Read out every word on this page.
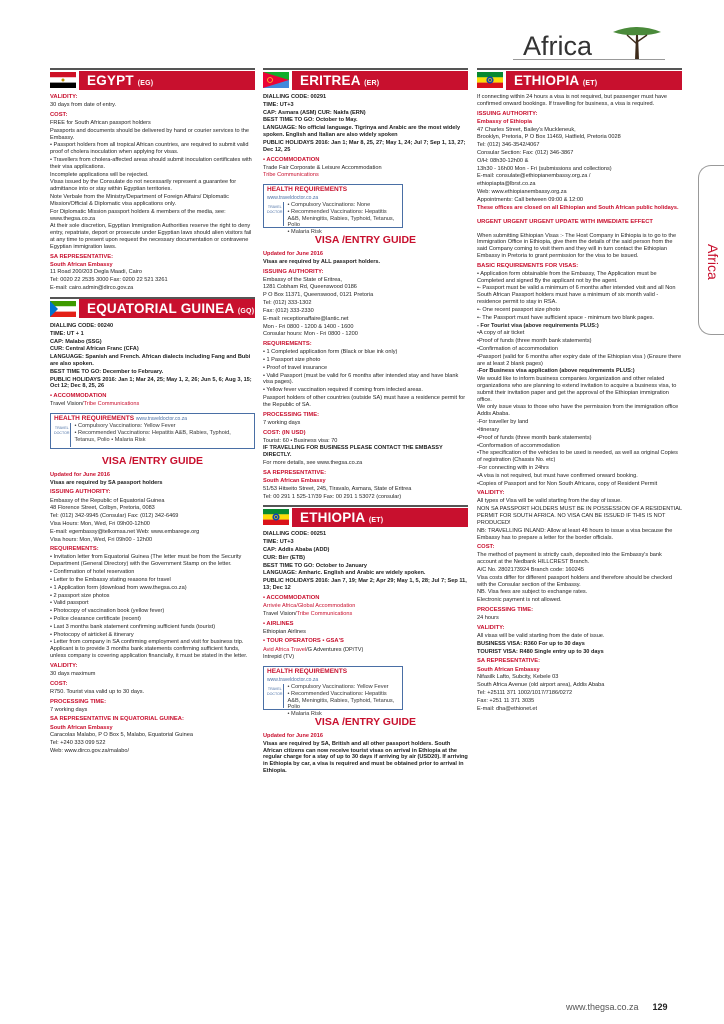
Africa
Africa
EGYPT (EG)
VALIDITY:
30 days from date of entry.
COST:
FREE for South African passport holders
Passports and documents should be delivered by hand or courier services to the Embassy.
• Passport holders from all tropical African countries, are required to submit valid proof of cholera inoculation when applying for visas.
• Travellers from cholera-affected areas should submit inoculation certificates with their visa applications.
Incomplete applications will be rejected.
Visas issued by the Consulate do not necessarily represent a guarantee for admittance into or stay within Egyptian territories.
Note Verbale from the Ministry/Department of Foreign Affairs/ Diplomatic Mission/Official & Diplomatic visa applications only.
For Diplomatic Mission passport holders & members of the media, see: www.thegsa.co.za
At their sole discretion, Egyptian Immigration Authorities reserve the right to deny entry, repatriate, deport or prosecute under Egyptian laws should alien visitors fail at any time to present upon request the necessary documentation or contravene Egyptian immigration laws.
SA REPRESENTATIVE:
South African Embassy
11 Road 200/203 Degla Maadi, Cairo
Tel: 0020 22 2535 3000 Fax: 0200 22 521 3261
E-mail: cairo.admin@dirco.gov.za
EQUATORIAL GUINEA (GQ)
DIALLING CODE: 00240
TIME: UT + 1
CAP: Malabo (SSG)
CUR: Central African Franc (CFA)
LANGUAGE: Spanish and French. African dialects including Fang and Bubi are also spoken.
BEST TIME TO GO: December to February.
PUBLIC HOLIDAYS 2016: Jan 1; Mar 24, 25; May 1, 2, 26; Jun 5, 6; Aug 3, 15; Oct 12; Dec 8, 25, 26
• ACCOMMODATION
Travel Vision/Tribe Communications
HEALTH REQUIREMENTS www.traveldoctor.co.za
TRAVEL DOCTOR
• Compulsory Vaccinations: Yellow Fever
• Recommended Vaccinations: Hepatitis A&B, Rabies, Typhoid, Tetanus, Polio • Malaria Risk
VISA /ENTRY GUIDE
Updated for June 2016
Visas are required by SA passport holders
ISSUING AUTHORITY:
Embassy of the Republic of Equatorial Guinea
48 Florence Street, Colbyn, Pretoria, 0083
Tel: (012) 342-9945 (Consular) Fax: (012) 342-6469
Visa Hours: Mon, Wed, Fri 09h00-12h00
E-mail: egembassy@telkomsa.net Web: www.embarege.org
Visa hours: Mon, Wed, Fri 09h00 - 12h00
REQUIREMENTS:
• Invitation letter from Equatorial Guinea (The letter must be from the Security Department (General Directory) with the Government Stamp on the letter.
• Confirmation of hotel reservation
• Letter to the Embassy stating reasons for travel
• 1 Application form (download from www.thegsa.co.za)
• 2 passport size photos
• Valid passport
• Photocopy of vaccination book (yellow fever)
• Police clearance certificate (recent)
• Last 3 months bank statement confirming sufficient funds (tourist)
• Photocopy of airticket & itinerary
• Letter from company in SA confirming employment and visit for business trip. Applicant is to provide 3 months bank statements confirming sufficient funds, unless company is covering application financially, it must be stated in the letter.
VALIDITY:
30 days maximum
COST:
R750. Tourist visa valid up to 30 days.
PROCESSING TIME:
7 working days
SA REPRESENTATIVE IN EQUATORIAL GUINEA:
South African Embassy
Caracolas Malabo, P O Box 5, Malabo, Equatorial Guinea
Tel: +240 333 099 522
Web: www.dirco.gov.za/malabo/
ERITREA (ER)
DIALLING CODE: 00291
TIME: UT+3
CAP: Asmara (ASM) CUR: Nakfa (ERN)
BEST TIME TO GO: October to May.
LANGUAGE: No official language. Tigrinya and Arabic are the most widely spoken. English and Italian are also widely spoken
PUBLIC HOLIDAYS 2016: Jan 1; Mar 8, 25, 27; May 1, 24; Jul 7; Sep 1, 13, 27; Dec 12, 25
• ACCOMMODATION
Trade Fair Corporate & Leisure Accommodation
Tribe Communications
HEALTH REQUIREMENTS www.traveldoctor.co.za
TRAVEL DOCTOR
• Compulsory Vaccinations: None
• Recommended Vaccinations: Hepatitis A&B, Meningitis, Rabies, Typhoid, Tetanus, Polio
• Malaria Risk
VISA /ENTRY GUIDE
Updated for June 2016
Visas are required by ALL passport holders.
ISSUING AUTHORITY:
Embassy of the State of Eritrea,
1281 Cobham Rd, Queenswood 0186
P O Box 11371, Queenswood, 0121 Pretoria
Tel: (012) 333-1302
Fax: (012) 333-2330
E-mail: receptionaffaire@lantic.net
Mon - Fri 0800 - 1200 & 1400 - 1600
Consular hours: Mon - Fri 0800 - 1200
REQUIREMENTS:
• 1 Completed application form (Black or blue ink only)
• 1 Passport size photo
• Proof of travel insurance
• Valid Passport (must be valid for 6 months after intended stay and have blank visa pages).
• Yellow fever vaccination required if coming from infected areas.
Passport holders of other countries (outside SA) must have a residence permit for the Republic of SA.
PROCESSING TIME:
7 working days
COST: (IN USD)
Tourist: 60 • Business visa: 70
IF TRAVELLING FOR BUSINESS PLEASE CONTACT THE EMBASSY DIRECTLY.
For more details, see www.thegsa.co.za
SA REPRESENTATIVE:
South African Embassy
51/53 Hitseito Street, 245, Tiravalo, Asmara, State of Eritrea
Tel: 00 291 1 525-17/39 Fax: 00 291 1 53072 (consular)
ETHIOPIA (ET)
DIALLING CODE: 00251
TIME: UT+3
CAP: Addis Ababa (ADD)
CUR: Birr (ETB)
BEST TIME TO GO: October to January
LANGUAGE: Amharic. English and Arabic are widely spoken.
PUBLIC HOLIDAYS 2016: Jan 7, 19; Mar 2; Apr 29; May 1, 5, 28; Jul 7; Sep 11, 13; Dec 12
• ACCOMMODATION
Arrivée Africa/Global Accommodation
Travel Vision/Tribe Communications
• AIRLINES
Ethiopian Airlines
• TOUR OPERATORS • GSA'S
Avid Africa Travel/G Adventures (DP/TV)
Intrepid (TV)
HEALTH REQUIREMENTS www.traveldoctor.co.za
TRAVEL DOCTOR
• Compulsory Vaccinations: Yellow Fever
• Recommended Vaccinations: Hepatitis A&B, Meningitis, Rabies, Typhoid, Tetanus, Polio
• Malaria Risk
VISA /ENTRY GUIDE
Updated for June 2016
Visas are required by SA, British and all other passport holders. South African citizens can now receive tourist visas on arrival in Ethiopia at the regular charge for a stay of up to 30 days if arriving by air (USD20). If arriving in Ethiopia by car, a visa is required and must be obtained prior to arrival in Ethiopia.
ETHIOPIA (ET)
If connecting within 24 hours a visa is not required, but passenger must have confirmed onward bookings. If travelling for business, a visa is required.
ISSUING AUTHORITY:
Embassy of Ethiopia
47 Charles Street, Bailey's Muckleneuk,
Brooklyn, Pretoria, P O Box 11469, Hatfield, Pretoria 0028
Tel: (012) 346-3542/4067
Consular Section: Fax: (012) 346-3867
O/H: 08h30-12h00 &
13h30 - 16h00 Mon - Fri (submissions and collections)
E-mail: consulate@ethiopianembassy.org.za /
ethiopiapta@lbrst.co.za
Web: www.ethiopianembassy.org.za
Appointments: Call between 09:00 & 12:00
These offices are closed on all Ethiopian and South African public holidays.
URGENT URGENT URGENT UPDATE WITH IMMEDIATE EFFECT
When submitting Ethiopian Visas :- The Host Company in Ethiopia is to go to the Immigration Office in Ethiopia, give them the details of the said person from the said Company coming to visit them and they will in turn contact the Ethiopian Embassy in Pretoria to grant permission for the visa to be issued.
BASIC REQUIREMENTS FOR VISAS:
• Application form obtainable from the Embassy, The Application must be Completed and signed By the applicant not by the agent.
•- Passport must be valid a minimum of 6 months after intended visit and all Non South African Passport holders must have a minimum of six month valid - residence permit to stay in RSA.
•- One recent passport size photo
•- The Passport must have sufficient space - minimum two blank pages.
- For Tourist visa (above requirements PLUS:)
•A copy of air ticket
•Proof of funds (three month bank statements)
•Confirmation of accommodation
•Passport (valid for 6 months after expiry date of the Ethiopian visa ) (Ensure there are at least 2 blank pages)
-For Business visa application (above requirements PLUS:)
We would like to inform business companies /organization and other related organizations who are planning to extend invitation to acquire a business visa, to submit their invitation paper and get the approval of the Ethiopian immigration office.
We only issue visas to those who have the permission from the immigration office Addis Ababa.
-For traveller by land
•Itinerary
•Proof of funds (three month bank statements)
•Conformation of accommodation
•The specification of the vehicles to be used is needed, as well as original Copies of registration (Chassis No. etc)
-For connecting with in 24hrs
•A visa is not required, but must have confirmed onward booking.
•Copies of Passport and for Non South Africans, copy of Resident Permit
VALIDITY:
All types of Visa will be valid starting from the day of issue.
NON SA PASSPORT HOLDERS MUST BE IN POSSESSION OF A RESIDENTIAL PERMIT FOR SOUTH AFRICA. NO VISA CAN BE ISSUED IF THIS IS NOT PRODUCED!
NB: TRAVELLING INLAND: Allow at least 48 hours to issue a visa because the Embassy has to prepare a letter for the border officials.
COST:
The method of payment is strictly cash, deposited into the Embassy's bank account at the Nedbank HILLCREST Branch.
A/C No. 2802173924 Branch code: 160245
Visa costs differ for different passport holders and therefore should be checked with the Consular section of the Embassy.
NB. Visa fees are subject to exchange rates.
Electronic payment is not allowed.
PROCESSING TIME:
24 hours
VALIDITY:
All visas will be valid starting from the date of issue.
BUSINESS VISA: R360 For up to 30 days
TOURIST VISA: R480 Single entry up to 30 days
SA REPRESENTATIVE:
South African Embassy
Nifasilk Lafto, Subcity, Kebele 03
South Africa Avenue (old airport area), Addis Ababa
Tel: +25111 371 1002/1017/7186/0272
Fax: +251 11 371 3035
E-mail: dha@ethionet.et
www.thegsa.co.za 129
